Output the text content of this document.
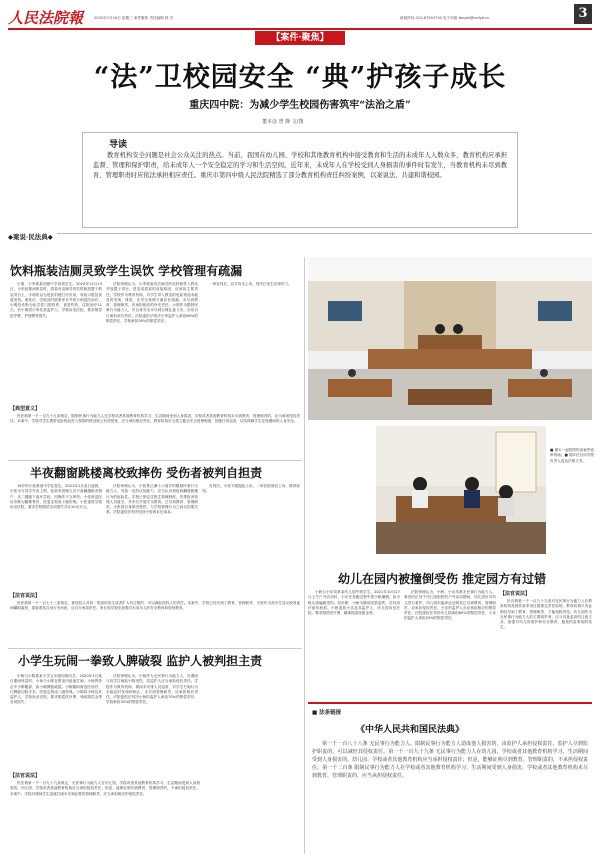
人民法院報	2025年7月16日 星期三 案件聚焦 责任编辑 林 芳	新闻热线 010-67550730 电子信箱 fenghi@rmfyb.cn	3
【案件·聚焦】
“法”卫校园安全 “典”护孩子成长
重庆四中院：为减少学生校园伤害筑牢“法治之盾”
董本彦 曾 静 文/图
导读
教育机构安全问题是社会公众关注的热点。当前，我国在幼儿园、学校和其他教育机构中接受教育和生活的未成年人人数众多，教育机构应承担监督、管理和保护职责，给未成年人一个安全稳定的学习和生活空间。近年来，未成年人在学校受到人身损害的事件时有发生，当教育机构未尽到教育、管理职责时应依法承担相应责任。重庆市第四中级人民法院精选了部分教育机构责任纠纷案例，以案说法，共建和谐校园。
◆案说·民法典◆
饮料瓶装洁厕灵致学生误饮 学校管理有疏漏

小明、小李系某初级中学同班学生。2020年11月13日，小李趁课间休息时，将装有洁厕灵的饮料瓶放置于教室讲台上，小明误以为是饮料便打开饮用，导致口腔及食道受伤。事发后，学校及时联系家长并将小明送医治疗。小明经诊断为化学性口腔灼伤、食管灼伤，住院治疗11天。后小明将小李及其监护人、学校诉至法院，要求赔偿医疗费、护理费等损失。

法院审理认为，小李将装有洁厕灵的饮料瓶带入教室并放置于讲台，是造成损害的直接原因，应承担主要责任。学校作为教育机构，对学生带入教室的危险物品未能及时发现、排查，在安全管理方面存在疏漏，未尽到教育、管理职责，应承担相应的补充责任。小明作为限制民事行为能力人，对自身安全未尽到合理注意义务，亦应自行承担部分责任。法院遂依法判决小李监护人承担60%的赔偿责任，学校承担30%的赔偿责任。

一审宣判后，双方均未上诉，判决已发生法律效力。

【典型意义】
民法典第一千一百九十九条规定，限制民事行为能力人在学校或者其他教育机构学习、生活期间受到人身损害，学校或者其他教育机构未尽到教育、管理职责的，应当承担侵权责任。本案中，学校对学生携带危险物品进入校园的情况缺乏有效排查，应当承担相应责任。教育机构应当建立健全安全管理制度，加强日常巡查，切实保障学生在校期间的人身安全。
半夜翻窗跳楼离校致摔伤 受伤者被判自担责

16岁的小张系某中学住校生。2021年1月某日凌晨，小张为与同学外出上网，趁宿舍管理人员不备翻越宿舍窗户，从二楼跳下离开学校，因操作不当摔伤。小张被送医后诊断为腰椎骨折，经鉴定构成十级伤残。小张遂将学校诉至法院，要求学校赔偿各项损失共计20余万元。

法院审理认为，小张系已满十六周岁的限制民事行为能力人，具备一定的认知能力，应当认识到夜间翻窗跳楼行为的危险性。学校已制定住校生管理制度，安排宿舍管理人员值守，并多次开展安全教育，已尽到教育、管理职责。小张因自身原因受伤，与学校管理行为之间无因果关系。法院遂依法判决驳回小张的诉讼请求。

宣判后，小张不服提起上诉，二审法院驳回上诉，维持原判。

【法官说法】
民法典第一千一百七十三条规定，被侵权人对同一损害的发生或者扩大有过错的，可以减轻侵权人的责任。本案中，学校已经尽到了教育、管理职责，小张作为高中生违反校规夜间翻窗离校，损害系其自身行为所致，应自行承担责任。家长和学校应加强对未成年人的安全教育和规则教育。
■ 图①一起校园伤害案件庭审现场。■ 图②法官向学校负责人送达法律文书。
小学生玩闹一拳致人脾破裂 监护人被判担主责

小杨与小陈系某小学五年级同班同学。2020年5月某日课间休息时，小杨与小陈在教室内追逐打闹，小杨挥拳击中小陈腹部，致小陈脾脏破裂。小陈随即被送医治疗，行脾脏切除手术，经鉴定构成八级伤残。小陈将小杨及其监护人、学校诉至法院，要求赔偿医疗费、残疾赔偿金等各项损失。

法院审理认为，小杨作为无民事行为能力人，在课间与同学打闹致小陈受伤，其监护人应当承担侵权责任。学校作为教育机构，课间未安排人员巡查，对学生打闹行为未能及时发现和制止，未尽到管理职责，应承担相应责任。法院遂依法判决小杨的监护人承担70%的赔偿责任，学校承担30%的赔偿责任。

【法官说法】
民法典第一千一百九十九条规定，无民事行为能力人在幼儿园、学校或者其他教育机构学习、生活期间受到人身损害的，幼儿园、学校或者其他教育机构应当承担侵权责任；但是，能够证明尽到教育、管理职责的，不承担侵权责任。本案中，学校对课间学生追逐打闹未尽到必要的管理职责，应当承担相应的侵权责任。
幼儿在园内被撞倒受伤 推定园方有过错

小帆与小乐均系某幼儿园中班学生。2021年10月27日上午户外活动时，小乐在奔跑过程中将小帆撞倒，致小帆头部磕碰受伤。经诊断，小帆为额部皮肤裂伤，后经治疗留有疤痕。小帆遂将小乐及其监护人、幼儿园诉至法院，要求赔偿医疗费、精神损害抚慰金等。

法院审理认为，小帆、小乐均系无民事行为能力人，事发时正处于幼儿园组织的户外活动期间，幼儿园应对幼儿进行看护。幼儿园未能举证证明其已尽到教育、管理职责，应承担侵权责任。小乐的监护人亦应承担相应的赔偿责任。法院遂依法判决幼儿园承担80%的赔偿责任，小乐的监护人承担20%的赔偿责任。

【法官说法】
民法典第一千一百九十九条对无民事行为能力人在教育机构受到伤害采用过错推定责任原则，教育机构只有证明其尽到了教育、管理职责，才能免除责任。幼儿园作为无民事行为能力人的主要看护者，应当具备更高的注意义务，加强对幼儿的看护和安全教育，避免伤害事故的发生。
■ 法条链接
《中华人民共和国民法典》
第一千一百八十八条 无民事行为能力人、限制民事行为能力人造成他人损害的，由监护人承担侵权责任。监护人尽到监护职责的，可以减轻其侵权责任。第一千一百九十九条 无民事行为能力人在幼儿园、学校或者其他教育机构学习、生活期间受到人身损害的，幼儿园、学校或者其他教育机构应当承担侵权责任；但是，能够证明尽到教育、管理职责的，不承担侵权责任。第一千二百条 限制民事行为能力人在学校或者其他教育机构学习、生活期间受到人身损害，学校或者其他教育机构未尽到教育、管理职责的，应当承担侵权责任。
